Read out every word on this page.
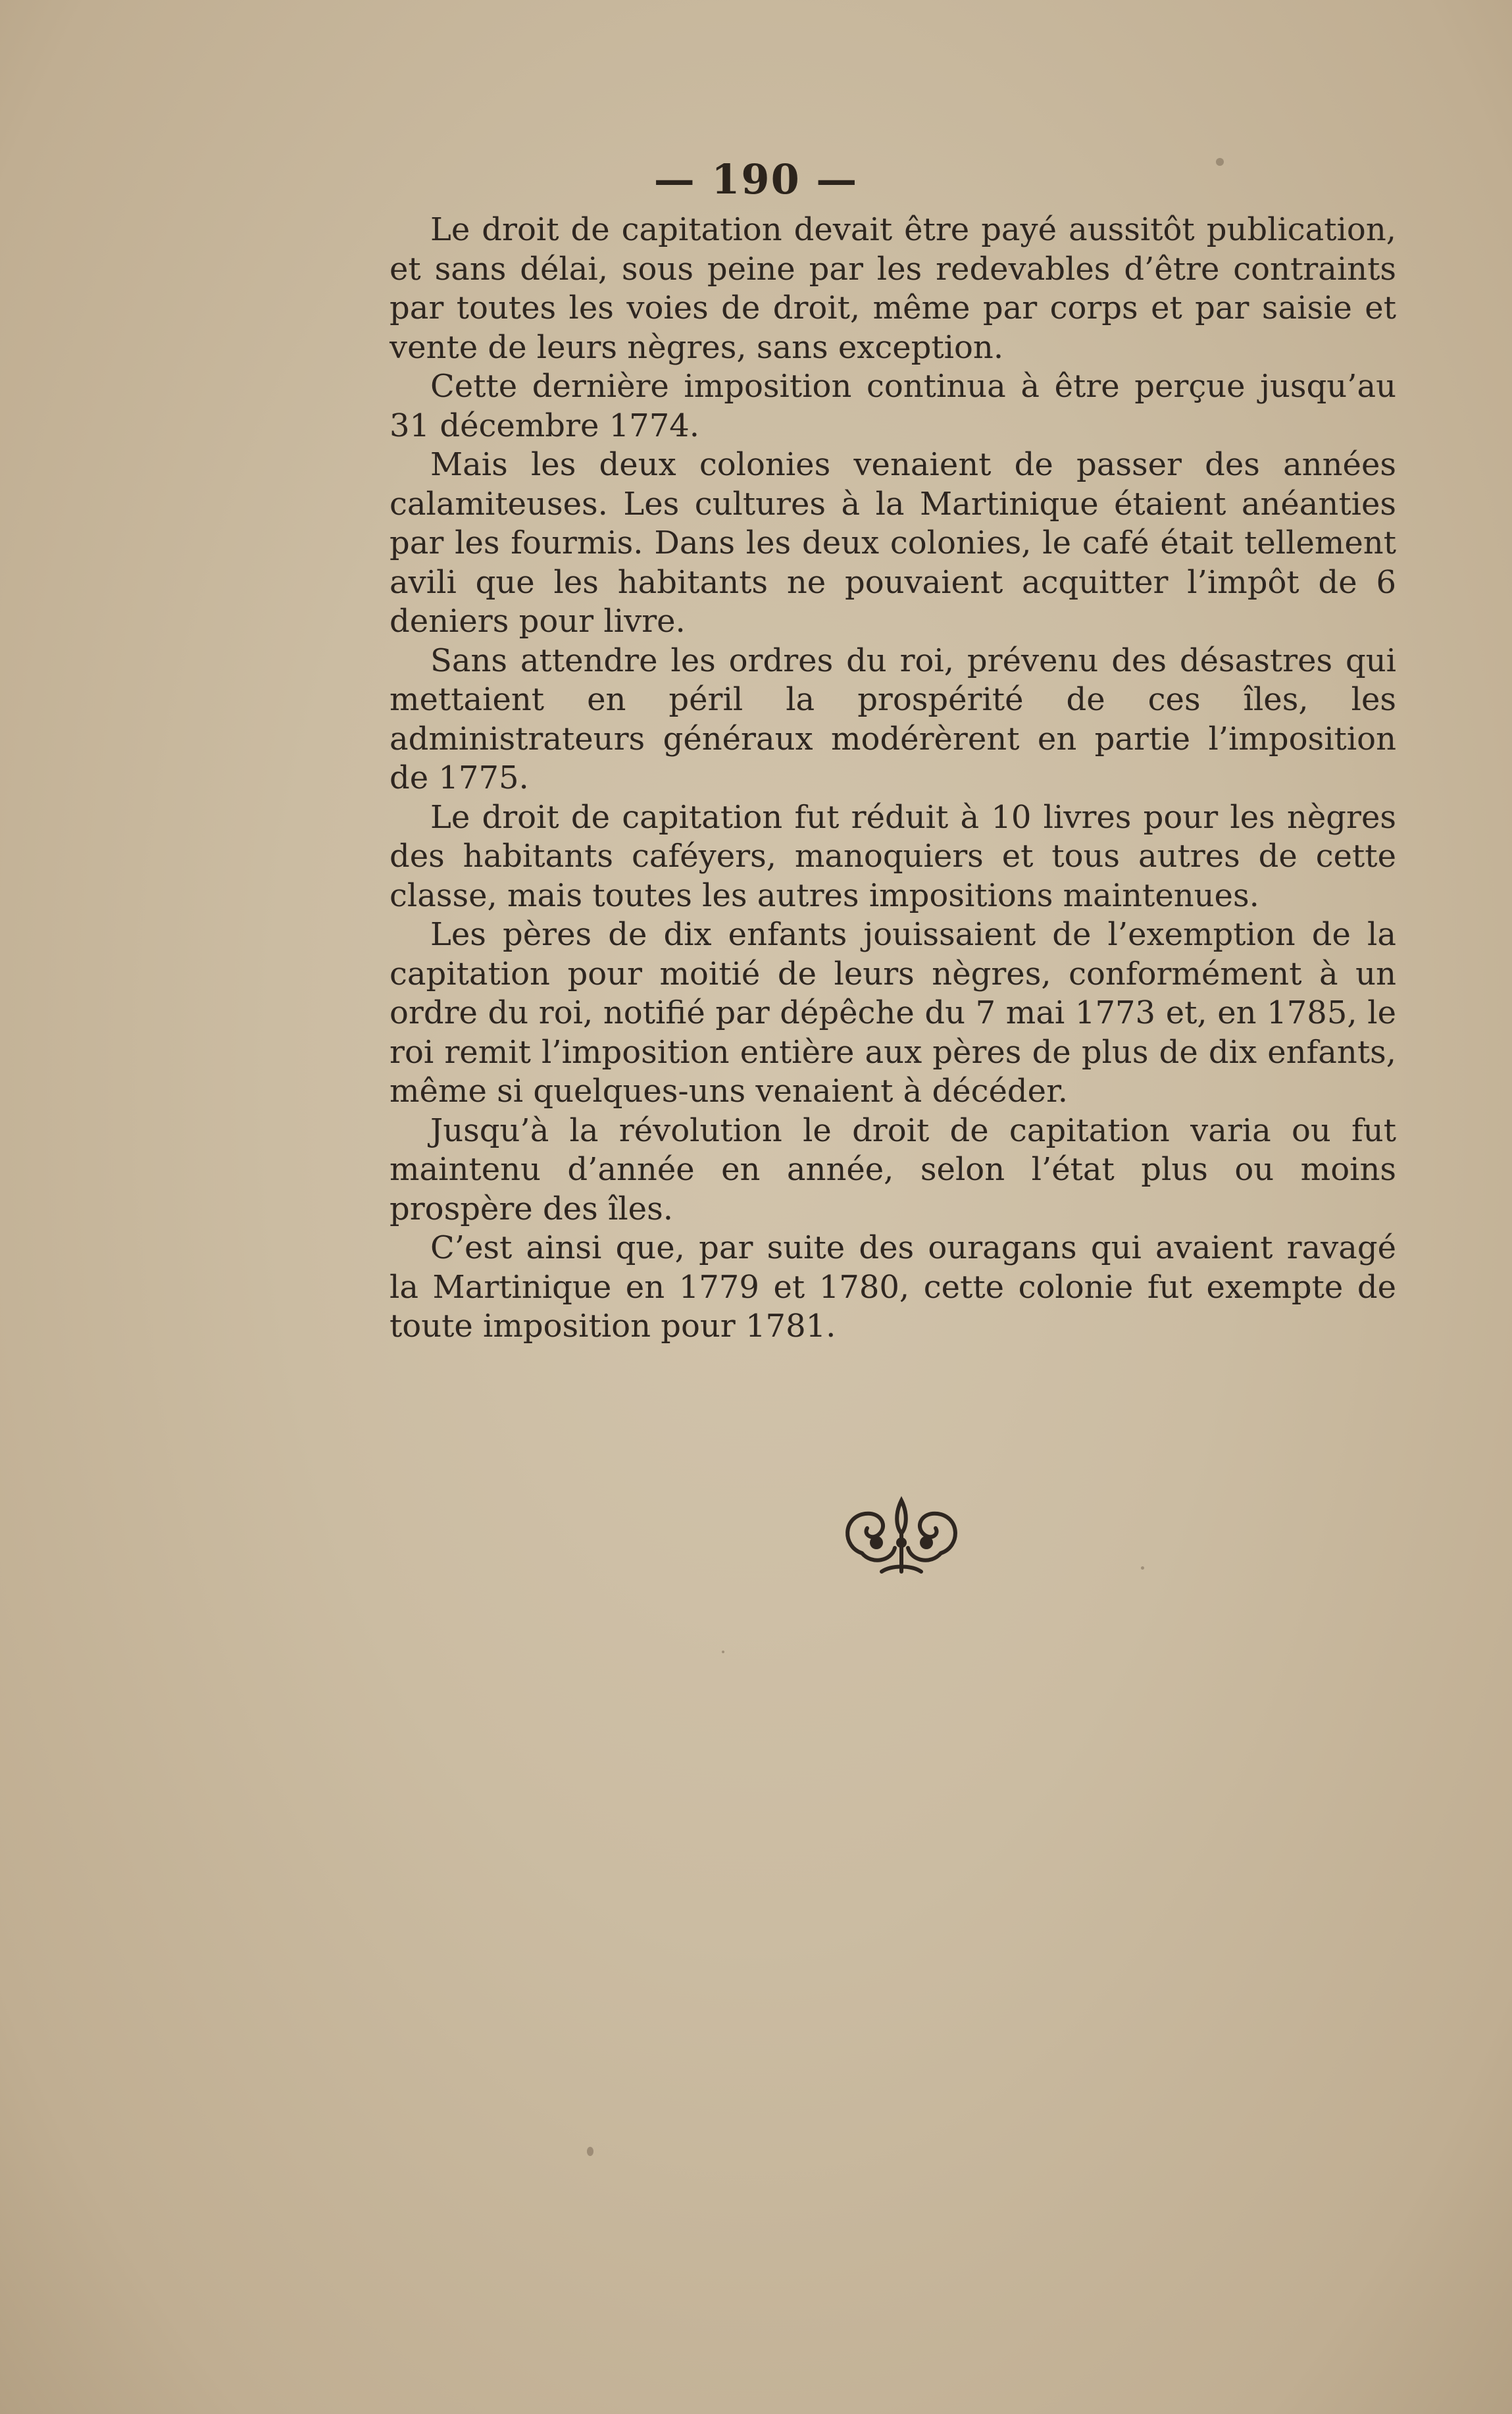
— 190 —

Le droit de capitation devait être payé aussitôt publication, et sans délai, sous peine par les redevables d’être contraints par toutes les voies de droit, même par corps et par saisie et vente de leurs nègres, sans exception.

Cette dernière imposition continua à être perçue jusqu’au 31 décembre 1774.

Mais les deux colonies venaient de passer des années calamiteuses. Les cultures à la Martinique étaient anéanties par les fourmis. Dans les deux colonies, le café était tellement avili que les habitants ne pouvaient acquitter l’impôt de 6 deniers pour livre.

Sans attendre les ordres du roi, prévenu des désastres qui mettaient en péril la prospérité de ces îles, les administrateurs généraux modérèrent en partie l’imposition de 1775.

Le droit de capitation fut réduit à 10 livres pour les nègres des habitants caféyers, manoquiers et tous autres de cette classe, mais toutes les autres impositions maintenues.

Les pères de dix enfants jouissaient de l’exemption de la capitation pour moitié de leurs nègres, conformément à un ordre du roi, notifié par dépêche du 7 mai 1773 et, en 1785, le roi remit l’imposition entière aux pères de plus de dix enfants, même si quelques-uns venaient à décéder.

Jusqu’à la révolution le droit de capitation varia ou fut maintenu d’année en année, selon l’état plus ou moins prospère des îles.

C’est ainsi que, par suite des ouragans qui avaient ravagé la Martinique en 1779 et 1780, cette colonie fut exempte de toute imposition pour 1781.
